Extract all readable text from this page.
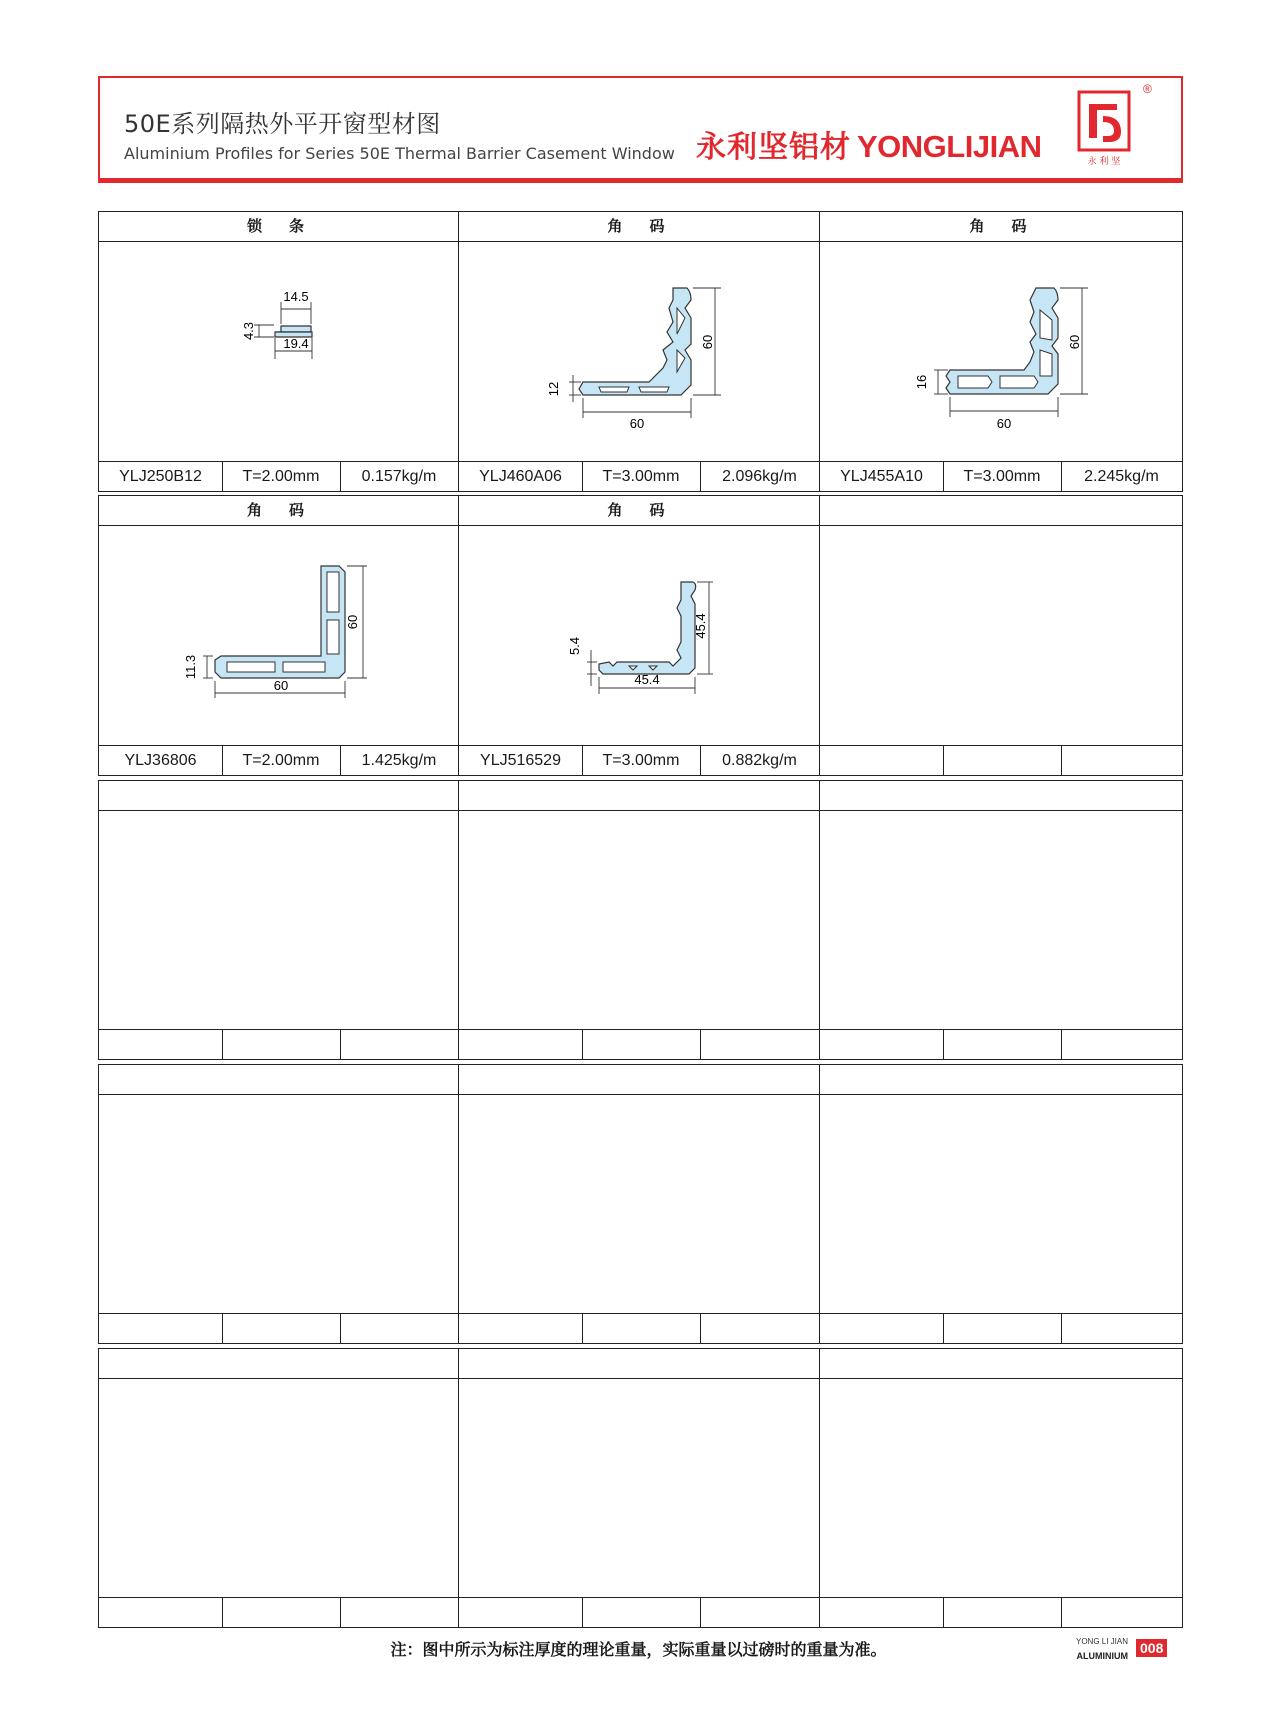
50E系列隔热外平开窗型材图
Aluminium Profiles for Series 50E Thermal Barrier Casement Window 永利坚铝材 YONGLIJIAN	永 利 坚
®
锁　条
14.5
19.4
4.3
YLJ250B12	T=2.00mm	0.157kg/m
角　码
60
60
12
YLJ460A06	T=3.00mm	2.096kg/m
角　码
60
60
16
YLJ455A10	T=3.00mm	2.245kg/m
角　码
60
60
11.3
YLJ36806	T=2.00mm	1.425kg/m
角　码
45.4
45.4
5.4
YLJ516529	T=3.00mm	0.882kg/m
注：图中所示为标注厚度的理论重量，实际重量以过磅时的重量为准。	YONG LI JIAN
ALUMINIUM 008
